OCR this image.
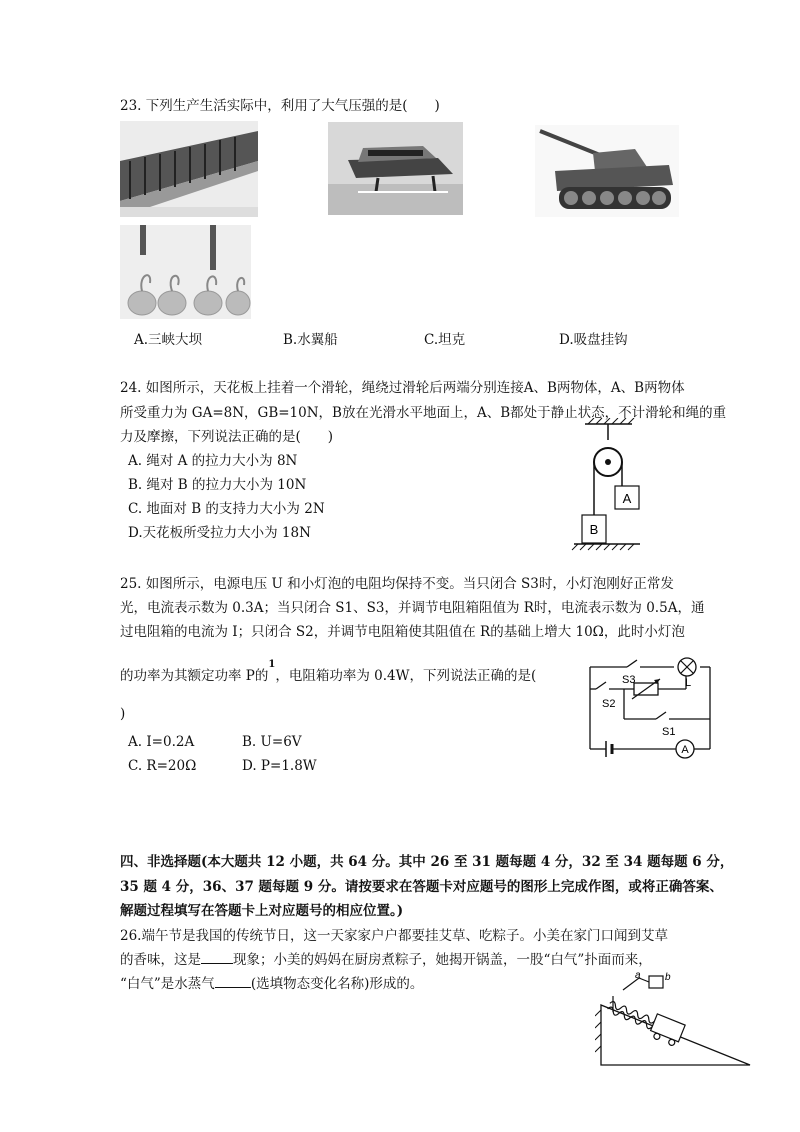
23. 下列生产生活实际中，利用了大气压强的是(　　)
A.三峡大坝	B.水翼船	C.坦克	D.吸盘挂钩
24. 如图所示，天花板上挂着一个滑轮，绳绕过滑轮后两端分别连接A、B两物体，A、B两物体
所受重力为 GA=8N，GB=10N，B放在光滑水平地面上，A、B都处于静止状态，不计滑轮和绳的重
力及摩擦，下列说法正确的是(　　)
A. 绳对 A 的拉力大小为 8N
B. 绳对 B 的拉力大小为 10N
C. 地面对 B 的支持力大小为 2N
D.天花板所受拉力大小为 18N
A
B
25. 如图所示，电源电压 U 和小灯泡的电阻均保持不变。当只闭合 S3时，小灯泡刚好正常发
光，电流表示数为 0.3A；当只闭合 S1、S3，并调节电阻箱阻值为 R时，电流表示数为 0.5A，通
过电阻箱的电流为 I；只闭合 S2，并调节电阻箱使其阻值在 R的基础上增大 10Ω，此时小灯泡
的功率为其额定功率 P的$^1$，电阻箱功率为 0.4W，下列说法正确的是(
)
A. I=0.2A	B. U=6V
C. R=20Ω	D. P=1.8W
A
S3
S2
S1
L
四、非选择题(本大题共 12 小题，共 64 分。其中 26 至 31 题每题 4 分，32 至 34 题每题 6 分，
35 题 4 分，36、37 题每题 9 分。请按要求在答题卡对应题号的图形上完成作图，或将正确答案、
解题过程填写在答题卡上对应题号的相应位置。)
26.端午节是我国的传统节日，这一天家家户户都要挂艾草、吃粽子。小美在家门口闻到艾草
的香味，这是 现象；小美的妈妈在厨房煮粽子，她揭开锅盖，一股“白气”扑面而来，
“白气”是水蒸气	(选填物态变化名称)形成的。
a b
